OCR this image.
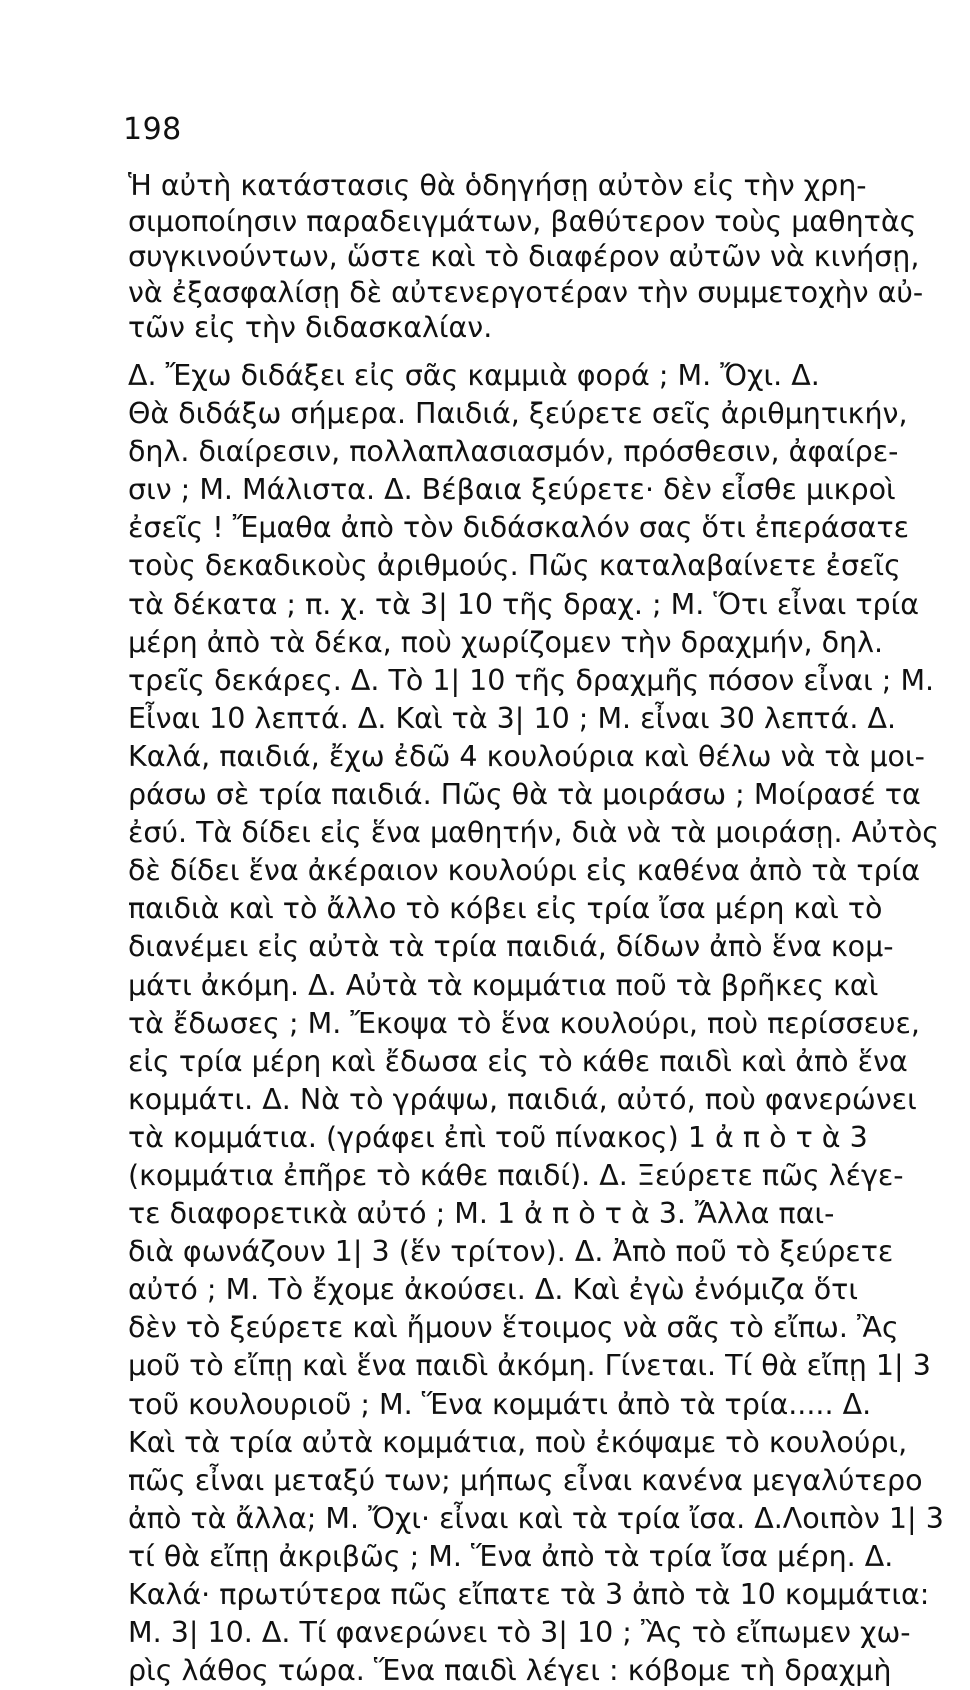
198
Ἡ αὐτὴ κατάστασις θὰ ὁδηγήσῃ αὐτὸν εἰς τὴν χρη-
σιμοποίησιν παραδειγμάτων, βαθύτερον τοὺς μαθητὰς
συγκινούντων, ὥστε καὶ τὸ διαφέρον αὐτῶν νὰ κινήσῃ,
νὰ ἐξασφαλίσῃ δὲ αὐτενεργοτέραν τὴν συμμετοχὴν αὐ-
τῶν εἰς τὴν διδασκαλίαν.
Δ. Ἔχω διδάξει εἰς σᾶς καμμιὰ φορά ; Μ. Ὄχι. Δ.
Θὰ διδάξω σήμερα. Παιδιά, ξεύρετε σεῖς ἀριθμητικήν,
δηλ. διαίρεσιν, πολλαπλασιασμόν, πρόσθεσιν, ἀφαίρε-
σιν ; Μ. Μάλιστα. Δ. Βέβαια ξεύρετε· δὲν εἶσθε μικροὶ
ἐσεῖς ! Ἔμαθα ἀπὸ τὸν διδάσκαλόν σας ὅτι ἐπεράσατε
τοὺς δεκαδικοὺς ἀριθμούς. Πῶς καταλαβαίνετε ἐσεῖς
τὰ δέκατα ; π. χ. τὰ 3| 10 τῆς δραχ. ; Μ. Ὅτι εἶναι τρία
μέρη ἀπὸ τὰ δέκα, ποὺ χωρίζομεν τὴν δραχμήν, δηλ.
τρεῖς δεκάρες. Δ. Τὸ 1| 10 τῆς δραχμῆς πόσον εἶναι ; Μ.
Εἶναι 10 λεπτά. Δ. Καὶ τὰ 3| 10 ; Μ. εἶναι 30 λεπτά. Δ.
Καλά, παιδιά, ἔχω ἐδῶ 4 κουλούρια καὶ θέλω νὰ τὰ μοι-
ράσω σὲ τρία παιδιά. Πῶς θὰ τὰ μοιράσω ; Μοίρασέ τα
ἐσύ. Τὰ δίδει εἰς ἕνα μαθητήν, διὰ νὰ τὰ μοιράσῃ. Αὐτὸς
δὲ δίδει ἕνα ἀκέραιον κουλούρι εἰς καθένα ἀπὸ τὰ τρία
παιδιὰ καὶ τὸ ἄλλο τὸ κόβει εἰς τρία ἴσα μέρη καὶ τὸ
διανέμει εἰς αὐτὰ τὰ τρία παιδιά, δίδων ἀπὸ ἕνα κομ-
μάτι ἀκόμη. Δ. Αὐτὰ τὰ κομμάτια ποῦ τὰ βρῆκες καὶ
τὰ ἔδωσες ; Μ. Ἔκοψα τὸ ἕνα κουλούρι, ποὺ περίσσευε,
εἰς τρία μέρη καὶ ἔδωσα εἰς τὸ κάθε παιδὶ καὶ ἀπὸ ἕνα
κομμάτι. Δ. Νὰ τὸ γράψω, παιδιά, αὐτό, ποὺ φανερώνει
τὰ κομμάτια. (γράφει ἐπὶ τοῦ πίνακος) 1 ἀ π ὸ τ ὰ 3
(κομμάτια ἐπῆρε τὸ κάθε παιδί). Δ. Ξεύρετε πῶς λέγε-
τε διαφορετικὰ αὐτό ; Μ. 1 ἀ π ὸ τ ὰ 3. Ἄλλα παι-
διὰ φωνάζουν 1| 3 (ἕν τρίτον). Δ. Ἀπὸ ποῦ τὸ ξεύρετε
αὐτό ; Μ. Τὸ ἔχομε ἀκούσει. Δ. Καὶ ἐγὼ ἐνόμιζα ὅτι
δὲν τὸ ξεύρετε καὶ ἤμουν ἕτοιμος νὰ σᾶς τὸ εἴπω. Ἂς
μοῦ τὸ εἴπῃ καὶ ἕνα παιδὶ ἀκόμη. Γίνεται. Τί θὰ εἴπῃ 1| 3
τοῦ κουλουριοῦ ; Μ. Ἕνα κομμάτι ἀπὸ τὰ τρία..... Δ.
Καὶ τὰ τρία αὐτὰ κομμάτια, ποὺ ἐκόψαμε τὸ κουλούρι,
πῶς εἶναι μεταξύ των; μήπως εἶναι κανένα μεγαλύτερο
ἀπὸ τὰ ἄλλα; Μ. Ὄχι· εἶναι καὶ τὰ τρία ἴσα. Δ.Λοιπὸν 1| 3
τί θὰ εἴπῃ ἀκριβῶς ; Μ. Ἕνα ἀπὸ τὰ τρία ἴσα μέρη. Δ.
Καλά· πρωτύτερα πῶς εἴπατε τὰ 3 ἀπὸ τὰ 10 κομμάτια:
Μ. 3| 10. Δ. Τί φανερώνει τὸ 3| 10 ; Ἂς τὸ εἴπωμεν χω-
ρὶς λάθος τώρα. Ἕνα παιδὶ λέγει : κόβομε τὴ δραχμὴ
